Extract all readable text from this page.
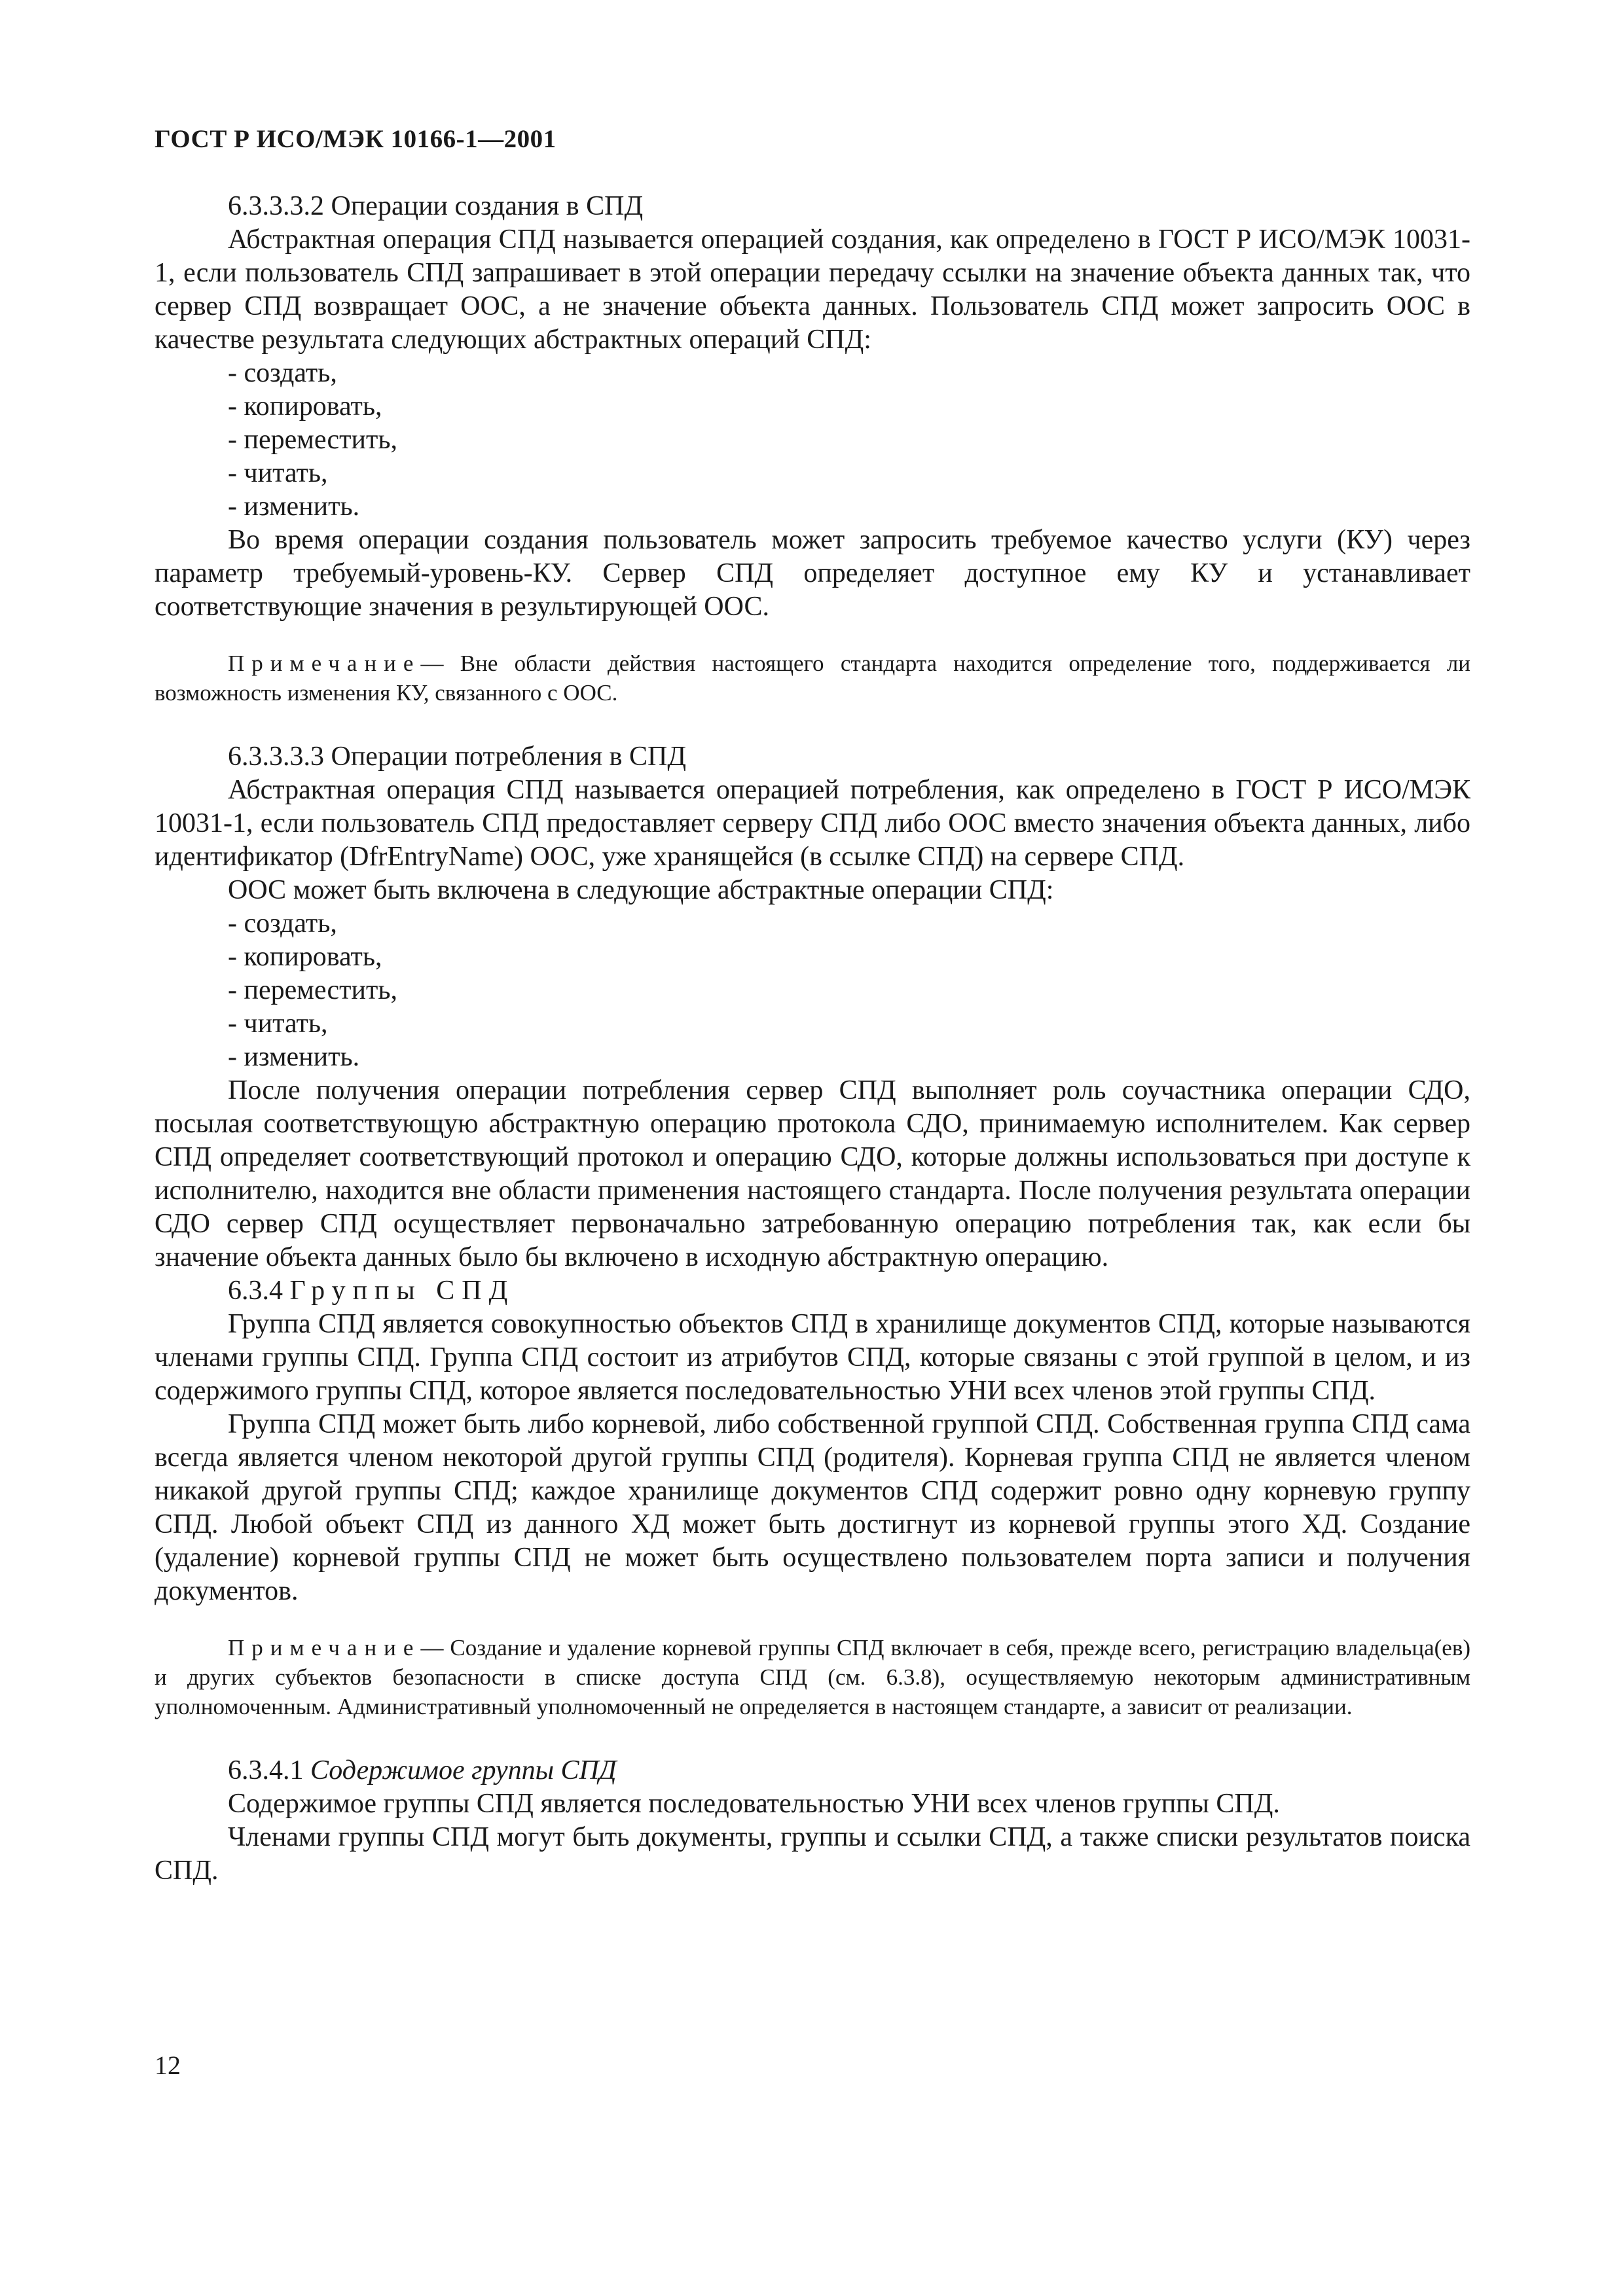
ГОСТ Р ИСО/МЭК 10166-1—2001

6.3.3.3.2 Операции создания в СПД

Абстрактная операция СПД называется операцией создания, как определено в ГОСТ Р ИСО/МЭК 10031-1, если пользователь СПД запрашивает в этой операции передачу ссылки на значение объекта данных так, что сервер СПД возвращает ООС, а не значение объекта данных. Пользователь СПД может запросить ООС в качестве результата следующих абстрактных операций СПД:

- создать,

- копировать,

- переместить,

- читать,

- изменить.

Во время операции создания пользователь может запросить требуемое качество услуги (КУ) через параметр требуемый-уровень-КУ. Сервер СПД определяет доступное ему КУ и устанавливает соответствующие значения в результирующей ООС.

Примечание— Вне области действия настоящего стандарта находится определение того, поддерживается ли возможность изменения КУ, связанного с ООС.

6.3.3.3.3 Операции потребления в СПД

Абстрактная операция СПД называется операцией потребления, как определено в ГОСТ Р ИСО/МЭК 10031-1, если пользователь СПД предоставляет серверу СПД либо ООС вместо значения объекта данных, либо идентификатор (DfrEntryName) ООС, уже хранящейся (в ссылке СПД) на сервере СПД.

ООС может быть включена в следующие абстрактные операции СПД:

- создать,

- копировать,

- переместить,

- читать,

- изменить.

После получения операции потребления сервер СПД выполняет роль соучастника операции СДО, посылая соответствующую абстрактную операцию протокола СДО, принимаемую исполнителем. Как сервер СПД определяет соответствующий протокол и операцию СДО, которые должны использоваться при доступе к исполнителю, находится вне области применения настоящего стандарта. После получения результата операции СДО сервер СПД осуществляет первоначально затребованную операцию потребления так, как если бы значение объекта данных было бы включено в исходную абстрактную операцию.

6.3.4 Группы СПД

Группа СПД является совокупностью объектов СПД в хранилище документов СПД, которые называются членами группы СПД. Группа СПД состоит из атрибутов СПД, которые связаны с этой группой в целом, и из содержимого группы СПД, которое является последовательностью УНИ всех членов этой группы СПД.

Группа СПД может быть либо корневой, либо собственной группой СПД. Собственная группа СПД сама всегда является членом некоторой другой группы СПД (родителя). Корневая группа СПД не является членом никакой другой группы СПД; каждое хранилище документов СПД содержит ровно одну корневую группу СПД. Любой объект СПД из данного ХД может быть достигнут из корневой группы этого ХД. Создание (удаление) корневой группы СПД не может быть осуществлено пользователем порта записи и получения документов.

Примечание— Создание и удаление корневой группы СПД включает в себя, прежде всего, регистрацию владельца(ев) и других субъектов безопасности в списке доступа СПД (см. 6.3.8), осуществляемую некоторым административным уполномоченным. Административный уполномоченный не определяется в настоящем стандарте, а зависит от реализации.

6.3.4.1 Содержимое группы СПД

Содержимое группы СПД является последовательностью УНИ всех членов группы СПД.

Членами группы СПД могут быть документы, группы и ссылки СПД, а также списки результатов поиска СПД.

12
